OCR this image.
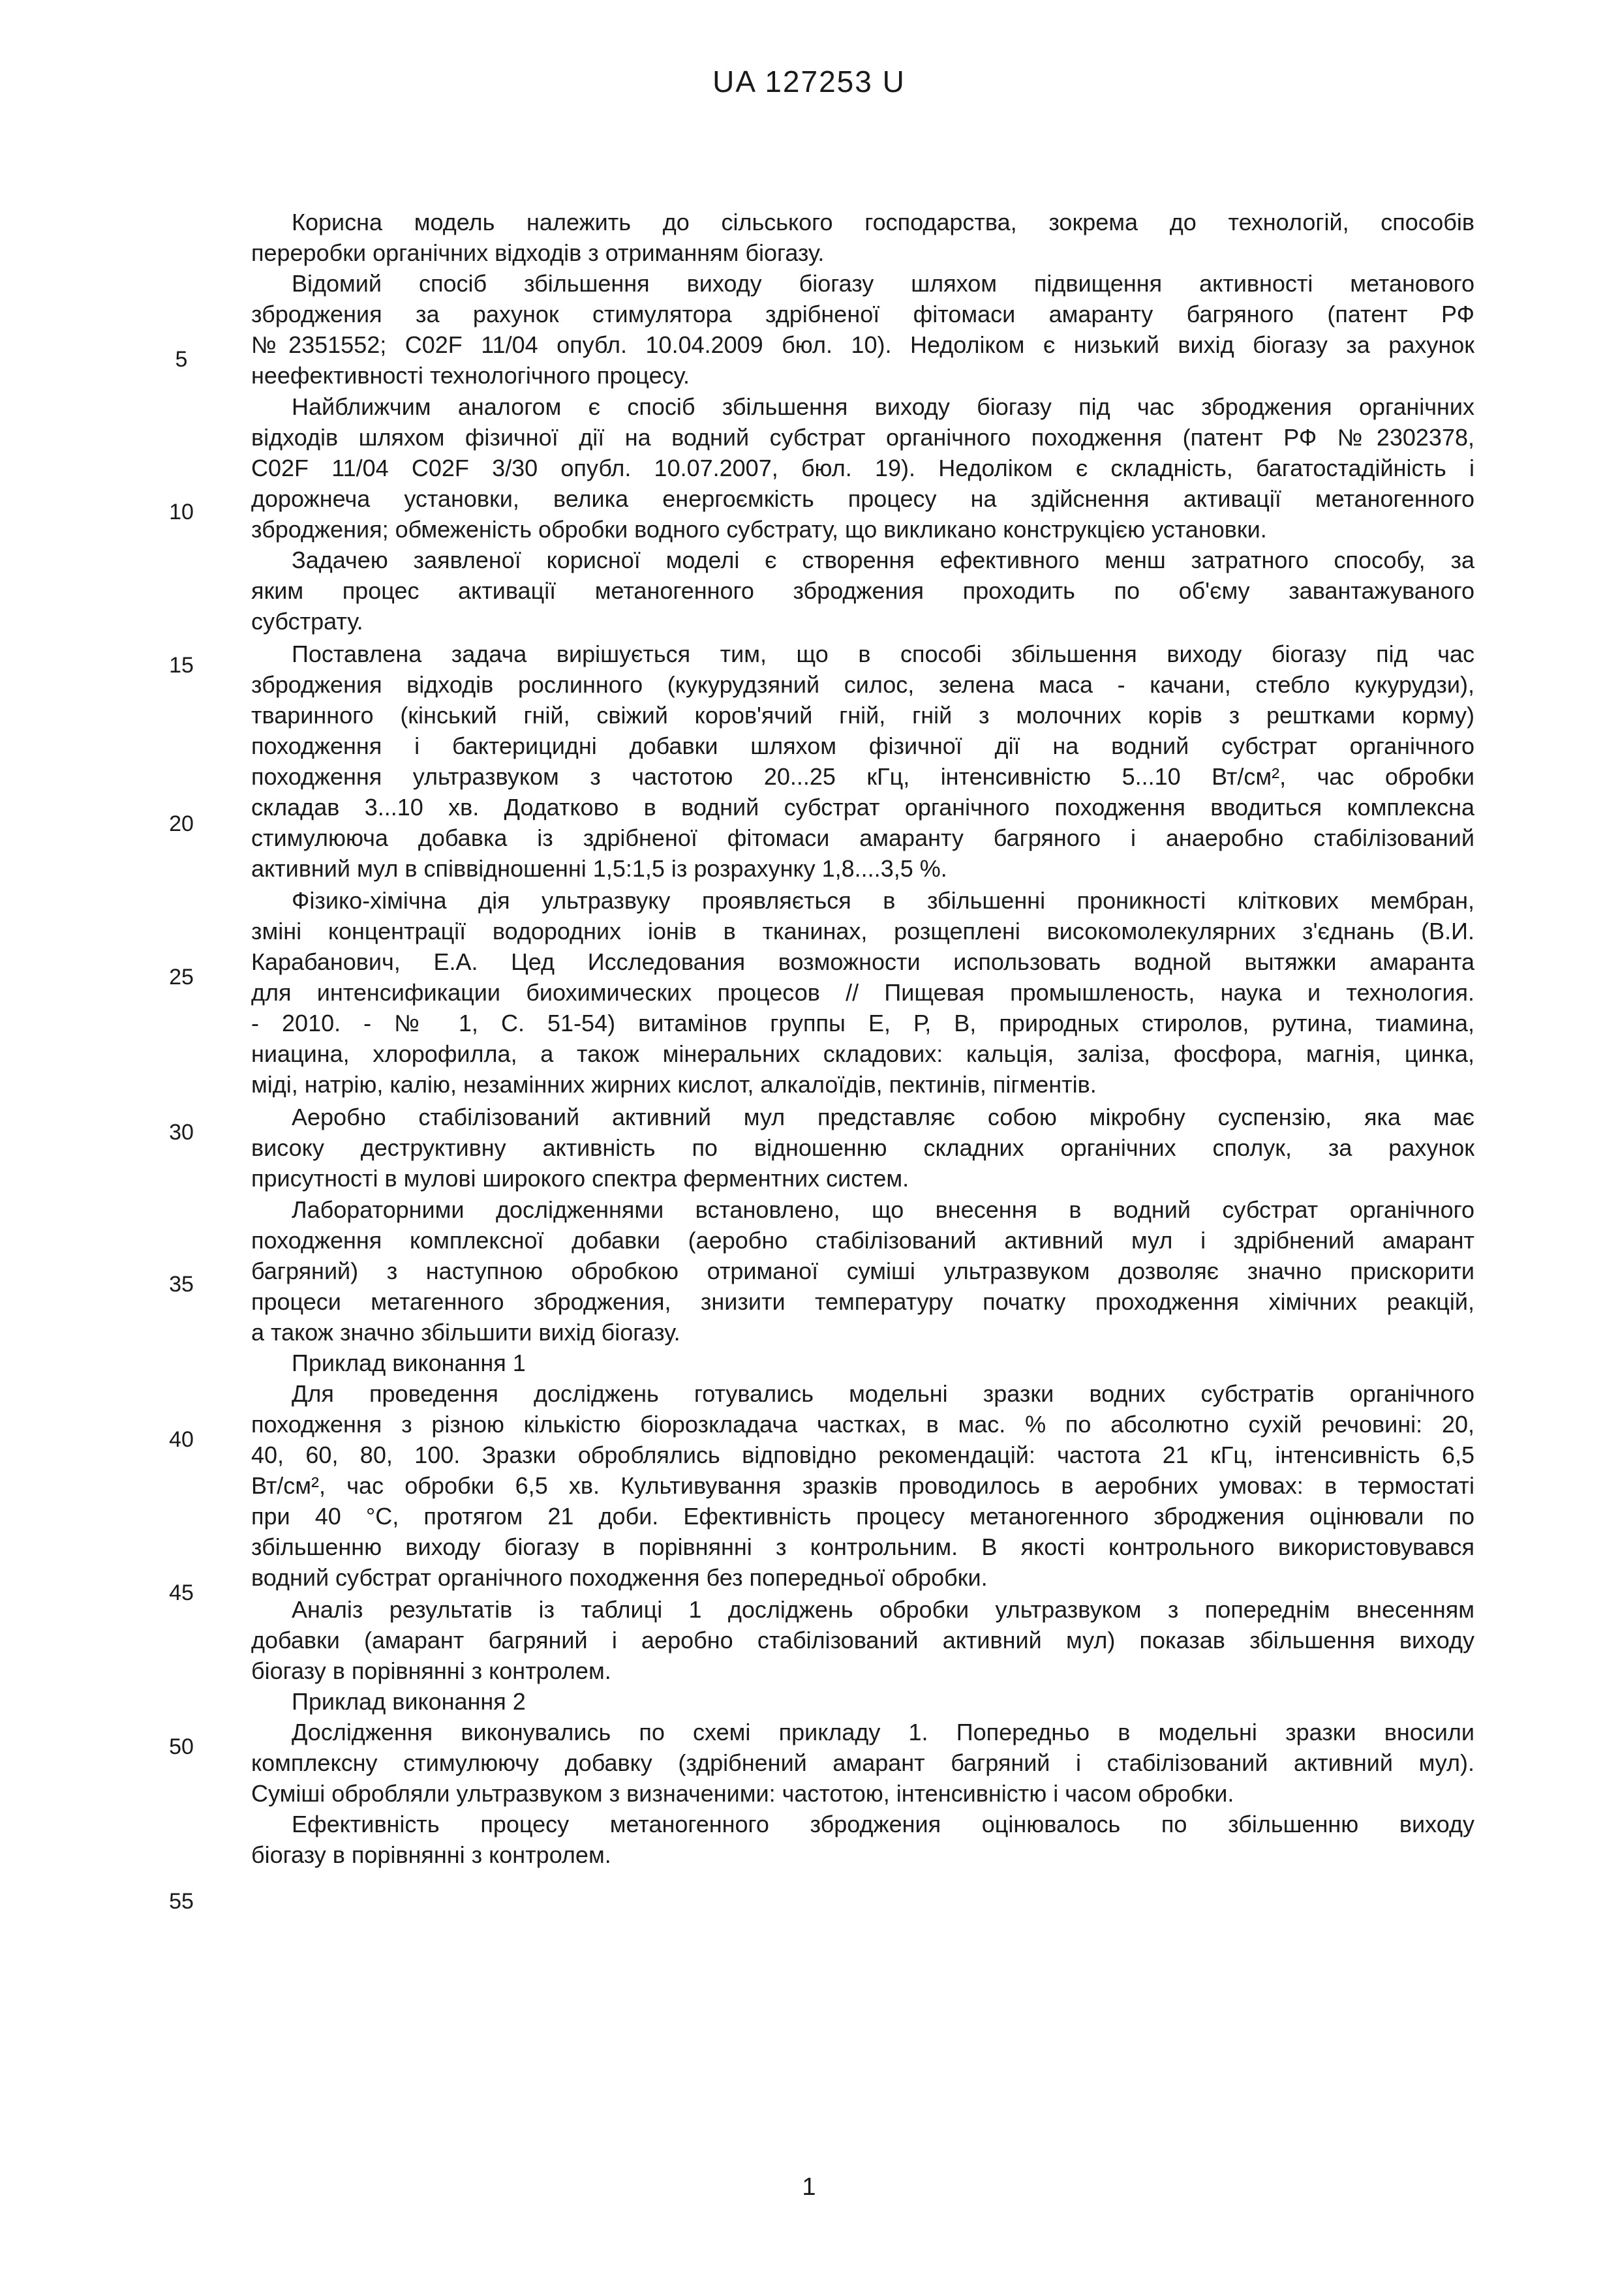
UA 127253 U
Корисна модель належить до сільського господарства, зокрема до технологій, способів
переробки органічних відходів з отриманням біогазу.
Відомий спосіб збільшення виходу біогазу шляхом підвищення активності метанового
зброджения за рахунок стимулятора здрібненої фітомаси амаранту багряного (патент РФ
№2351552; C02F 11/04 опубл. 10.04.2009 бюл. 10). Недоліком є низький вихід біогазу за рахунок
неефективності технологічного процесу.
Найближчим аналогом є спосіб збільшення виходу біогазу під час зброджения органічних
відходів шляхом фізичної дії на водний субстрат органічного походження (патент РФ №2302378,
C02F 11/04 C02F 3/30 опубл. 10.07.2007, бюл. 19). Недоліком є складність, багатостадійність і
дорожнеча установки, велика енергоємкість процесу на здійснення активації метаногенного
зброджения; обмеженість обробки водного субстрату, що викликано конструкцією установки.
Задачею заявленої корисної моделі є створення ефективного менш затратного способу, за
яким процес активації метаногенного зброджения проходить по об'єму завантажуваного
субстрату.
Поставлена задача вирішується тим, що в способі збільшення виходу біогазу під час
зброджения відходів рослинного (кукурудзяний силос, зелена маса - качани, стебло кукурудзи),
тваринного (кінський гній, свіжий коров'ячий гній, гній з молочних корів з рештками корму)
походження і бактерицидні добавки шляхом фізичної дії на водний субстрат органічного
походження ультразвуком з частотою 20...25 кГц, інтенсивністю 5...10 Вт/см², час обробки
складав 3...10 хв. Додатково в водний субстрат органічного походження вводиться комплексна
стимулююча добавка із здрібненої фітомаси амаранту багряного і анаеробно стабілізований
активний мул в співвідношенні 1,5:1,5 із розрахунку 1,8....3,5 %.
Фізико-хімічна дія ультразвуку проявляється в збільшенні проникності кліткових мембран,
зміні концентрації водородних іонів в тканинах, розщеплені високомолекулярних з'єднань (В.И.
Карабанович, Е.А. Цед Исследования возможности использовать водной вытяжки амаранта
для интенсификации биохимических процесов // Пищевая промышленость, наука и технология.
- 2010. - № 1, С. 51-54) витамінов группы Е, Р, В, природных стиролов, рутина, тиамина,
ниацина, хлорофилла, а також мінеральних складових: кальція, заліза, фосфора, магнія, цинка,
міді, натрію, калію, незамінних жирних кислот, алкалоїдів, пектинів, пігментів.
Аеробно стабілізований активний мул представляє собою мікробну суспензію, яка має
високу деструктивну активність по відношенню складних органічних сполук, за рахунок
присутності в мулові широкого спектра ферментних систем.
Лабораторними дослідженнями встановлено, що внесення в водний субстрат органічного
походження комплексної добавки (аеробно стабілізований активний мул і здрібнений амарант
багряний) з наступною обробкою отриманої суміші ультразвуком дозволяє значно прискорити
процеси метагенного зброджения, знизити температуру початку проходження хімічних реакцій,
а також значно збільшити вихід біогазу.
Приклад виконання 1
Для проведення досліджень готувались модельні зразки водних субстратів органічного
походження з різною кількістю біорозкладача частках, в мас. % по абсолютно сухій речовині: 20,
40, 60, 80, 100. Зразки оброблялись відповідно рекомендацій: частота 21 кГц, інтенсивність 6,5
Вт/см², час обробки 6,5 хв. Культивування зразків проводилось в аеробних умовах: в термостаті
при 40 °С, протягом 21 доби. Ефективність процесу метаногенного зброджения оцінювали по
збільшенню виходу біогазу в порівнянні з контрольним. В якості контрольного використовувався
водний субстрат органічного походження без попередньої обробки.
Аналіз результатів із таблиці 1 досліджень обробки ультразвуком з попереднім внесенням
добавки (амарант багряний і аеробно стабілізований активний мул) показав збільшення виходу
біогазу в порівнянні з контролем.
Приклад виконання 2
Дослідження виконувались по схемі прикладу 1. Попередньо в модельні зразки вносили
комплексну стимулюючу добавку (здрібнений амарант багряний і стабілізований активний мул).
Суміші обробляли ультразвуком з визначеними: частотою, інтенсивністю і часом обробки.
Ефективність процесу метаногенного зброджения оцінювалось по збільшенню виходу
біогазу в порівнянні з контролем.
5
10
15
20
25
30
35
40
45
50
55
1
